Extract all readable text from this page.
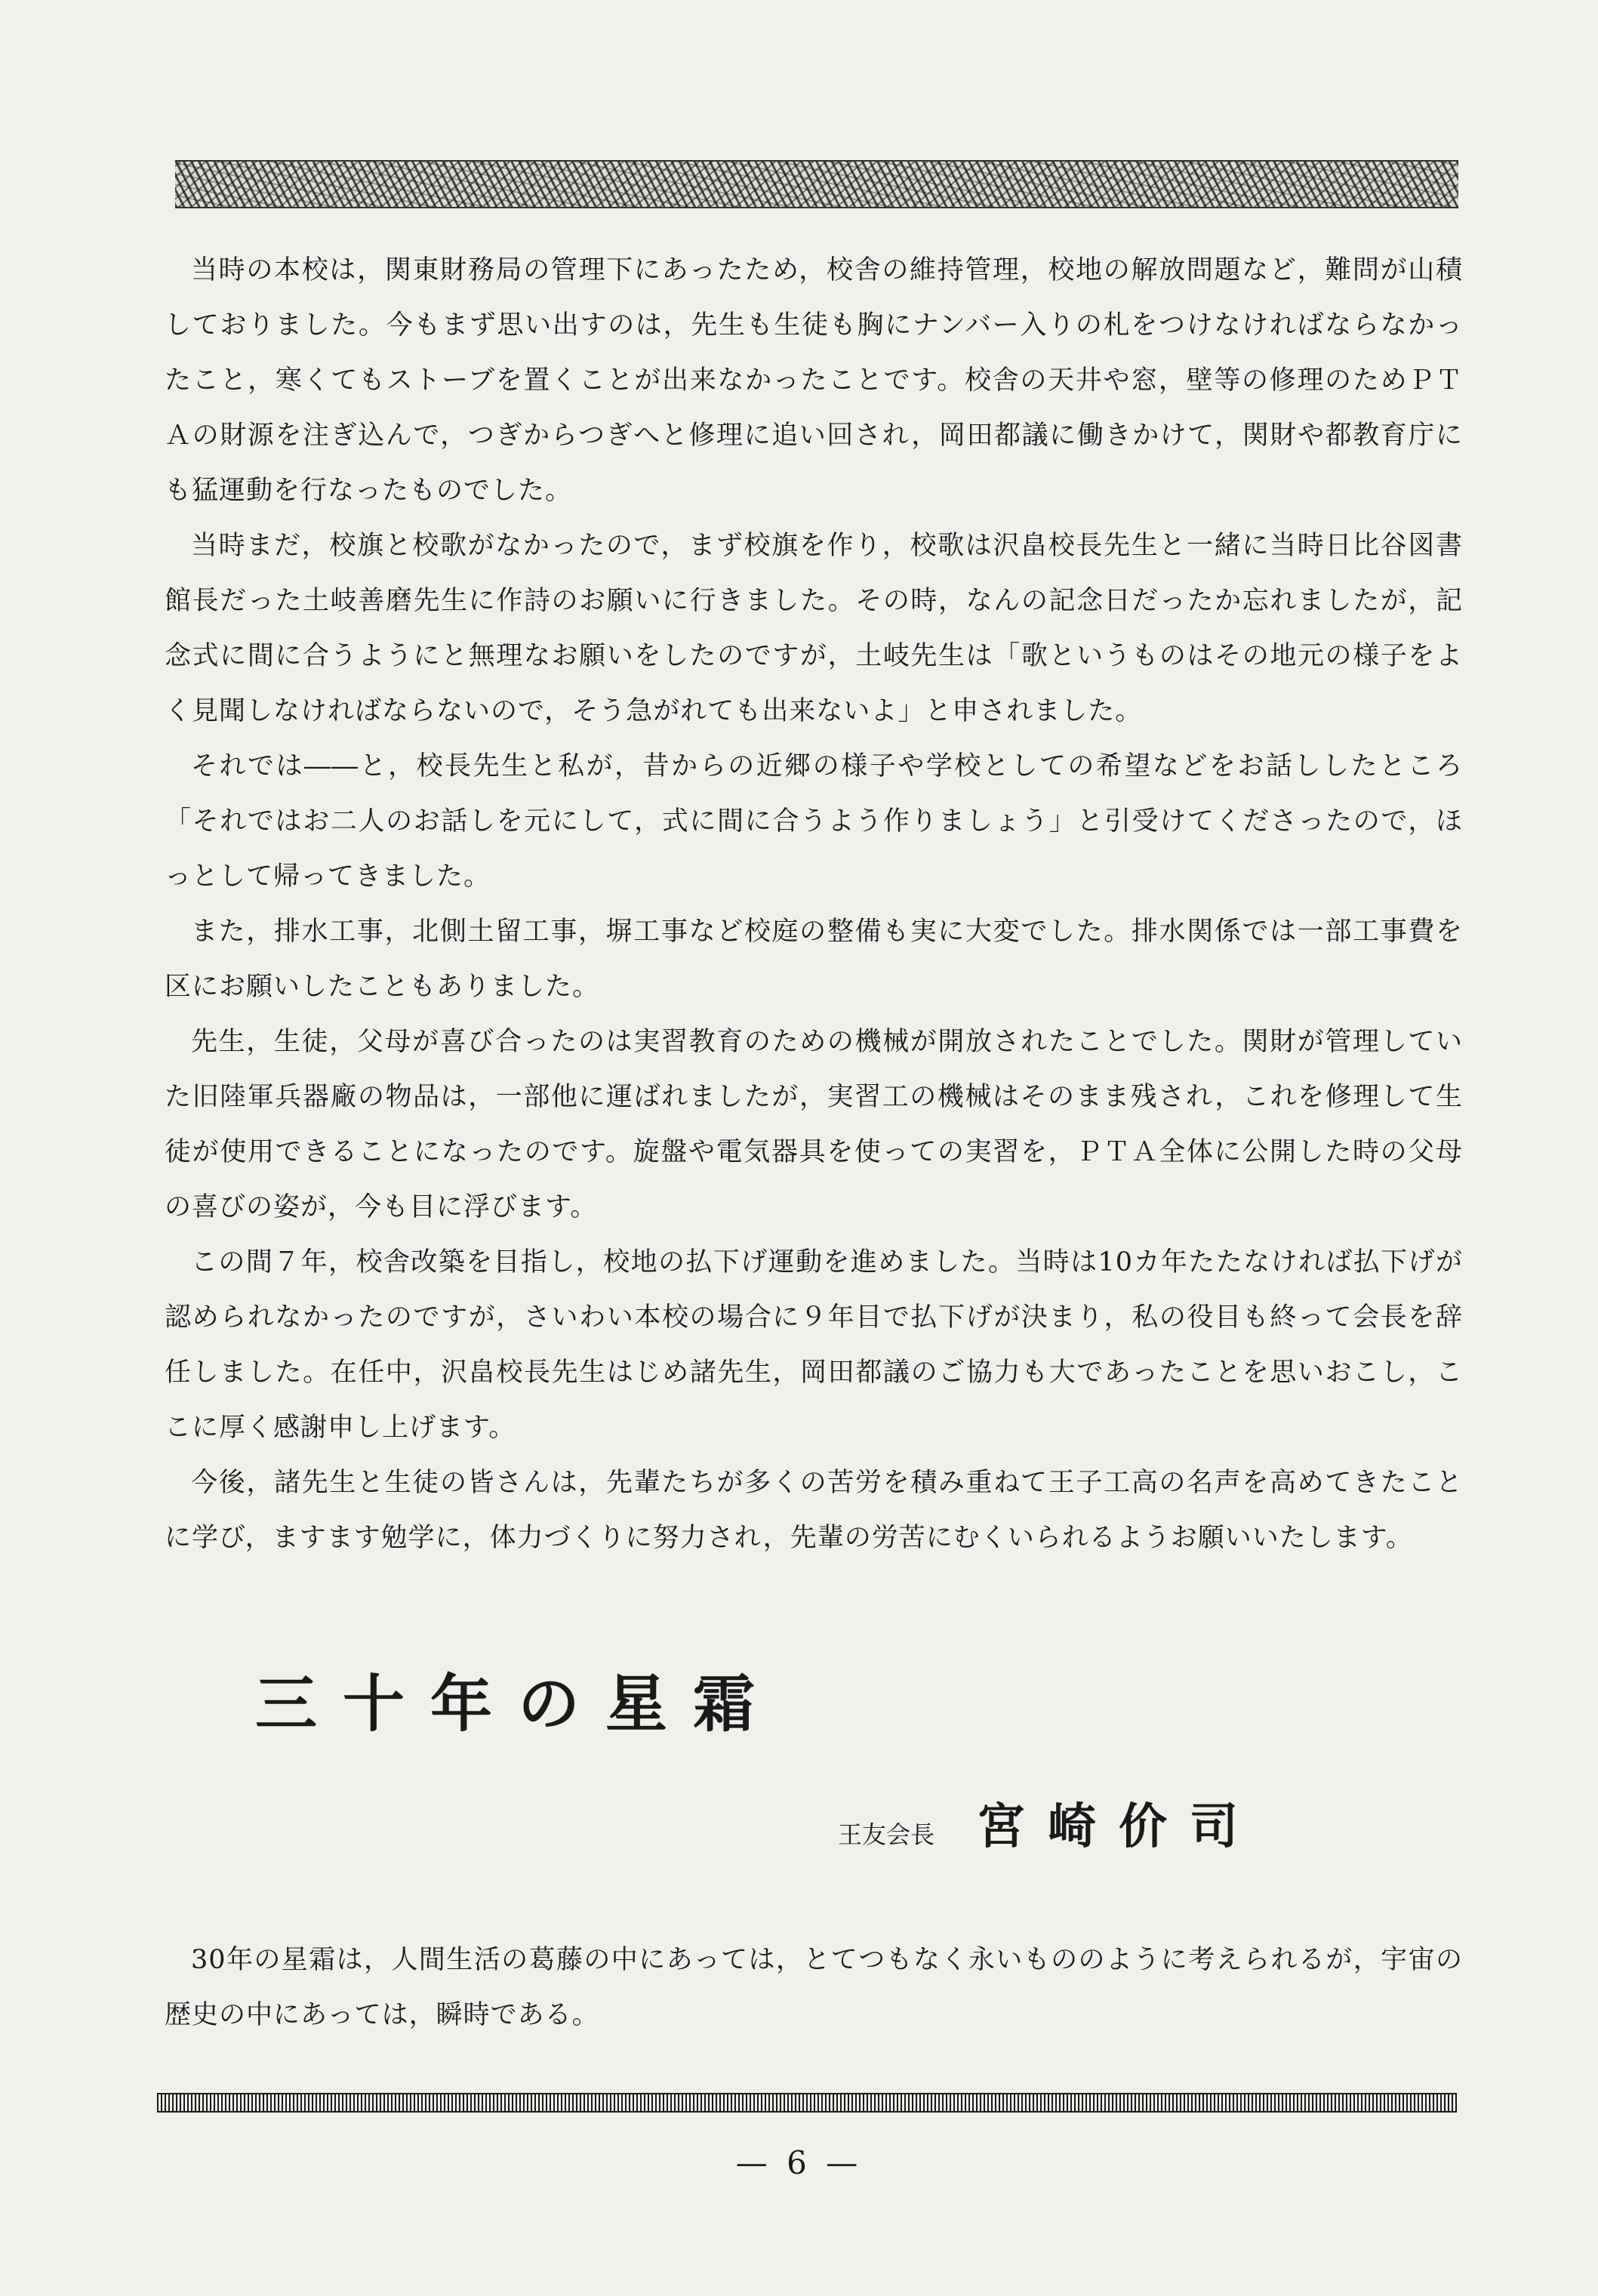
当時の本校は，関東財務局の管理下にあったため，校舎の維持管理，校地の解放問題など，難問が山積しておりました。今もまず思い出すのは，先生も生徒も胸にナンバー入りの札をつけなければならなかったこと，寒くてもストーブを置くことが出来なかったことです。校舎の天井や窓，壁等の修理のためＰＴＡの財源を注ぎ込んで，つぎからつぎへと修理に追い回され，岡田都議に働きかけて，関財や都教育庁にも猛運動を行なったものでした。

当時まだ，校旗と校歌がなかったので，まず校旗を作り，校歌は沢畠校長先生と一緒に当時日比谷図書館長だった土岐善磨先生に作詩のお願いに行きました。その時，なんの記念日だったか忘れましたが，記念式に間に合うようにと無理なお願いをしたのですが，土岐先生は「歌というものはその地元の様子をよく見聞しなければならないので，そう急がれても出来ないよ」と申されました。

それでは――と，校長先生と私が，昔からの近郷の様子や学校としての希望などをお話ししたところ「それではお二人のお話しを元にして，式に間に合うよう作りましょう」と引受けてくださったので，ほっとして帰ってきました。

また，排水工事，北側土留工事，塀工事など校庭の整備も実に大変でした。排水関係では一部工事費を区にお願いしたこともありました。

先生，生徒，父母が喜び合ったのは実習教育のための機械が開放されたことでした。関財が管理していた旧陸軍兵器廠の物品は，一部他に運ばれましたが，実習工の機械はそのまま残され，これを修理して生徒が使用できることになったのです。旋盤や電気器具を使っての実習を，ＰＴＡ全体に公開した時の父母の喜びの姿が，今も目に浮びます。

この間７年，校舎改築を目指し，校地の払下げ運動を進めました。当時は10カ年たたなければ払下げが認められなかったのですが，さいわい本校の場合に９年目で払下げが決まり，私の役目も終って会長を辞任しました。在任中，沢畠校長先生はじめ諸先生，岡田都議のご協力も大であったことを思いおこし，ここに厚く感謝申し上げます。

今後，諸先生と生徒の皆さんは，先輩たちが多くの苦労を積み重ねて王子工高の名声を高めてきたことに学び，ますます勉学に，体力づくりに努力され，先輩の労苦にむくいられるようお願いいたします。

三十年の星霜
王友会長 宮崎价司

30年の星霜は，人間生活の葛藤の中にあっては，とてつもなく永いもののように考えられるが，宇宙の歴史の中にあっては，瞬時である。

— 6 —
